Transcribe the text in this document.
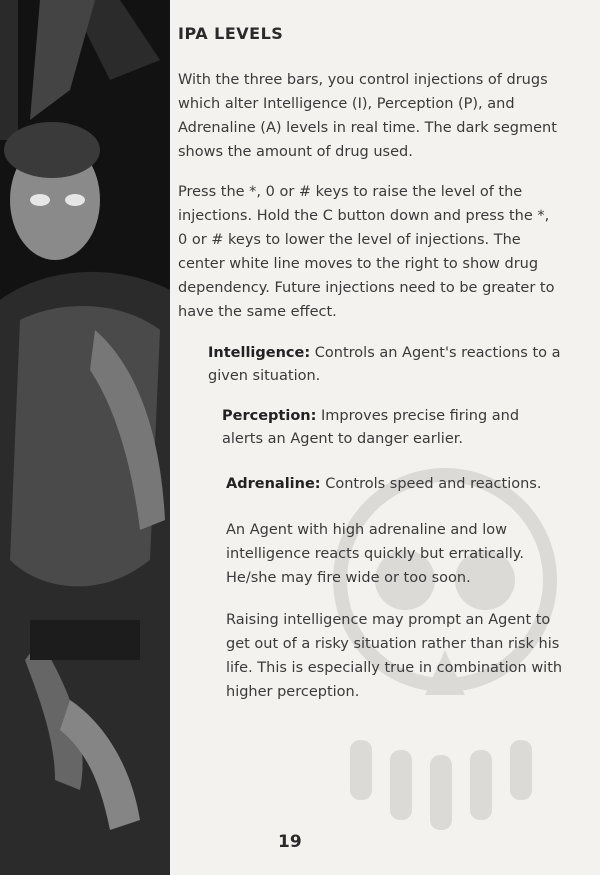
IPA LEVELS

With the three bars, you control injections of drugs which alter Intelligence (I), Perception (P), and Adrenaline (A) levels in real time. The dark segment shows the amount of drug used.

Press the *, 0 or # keys to raise the level of the injections. Hold the C button down and press the *, 0 or # keys to lower the level of injections. The center white line moves to the right to show drug dependency. Future injections need to be greater to have the same effect.

Intelligence: Controls an Agent's reactions to a given situation.
Perception: Improves precise firing and alerts an Agent to danger earlier.
Adrenaline: Controls speed and reactions.

An Agent with high adrenaline and low intelligence reacts quickly but erratically. He/she may fire wide or too soon.

Raising intelligence may prompt an Agent to get out of a risky situation rather than risk his life. This is especially true in combination with higher perception.

19
